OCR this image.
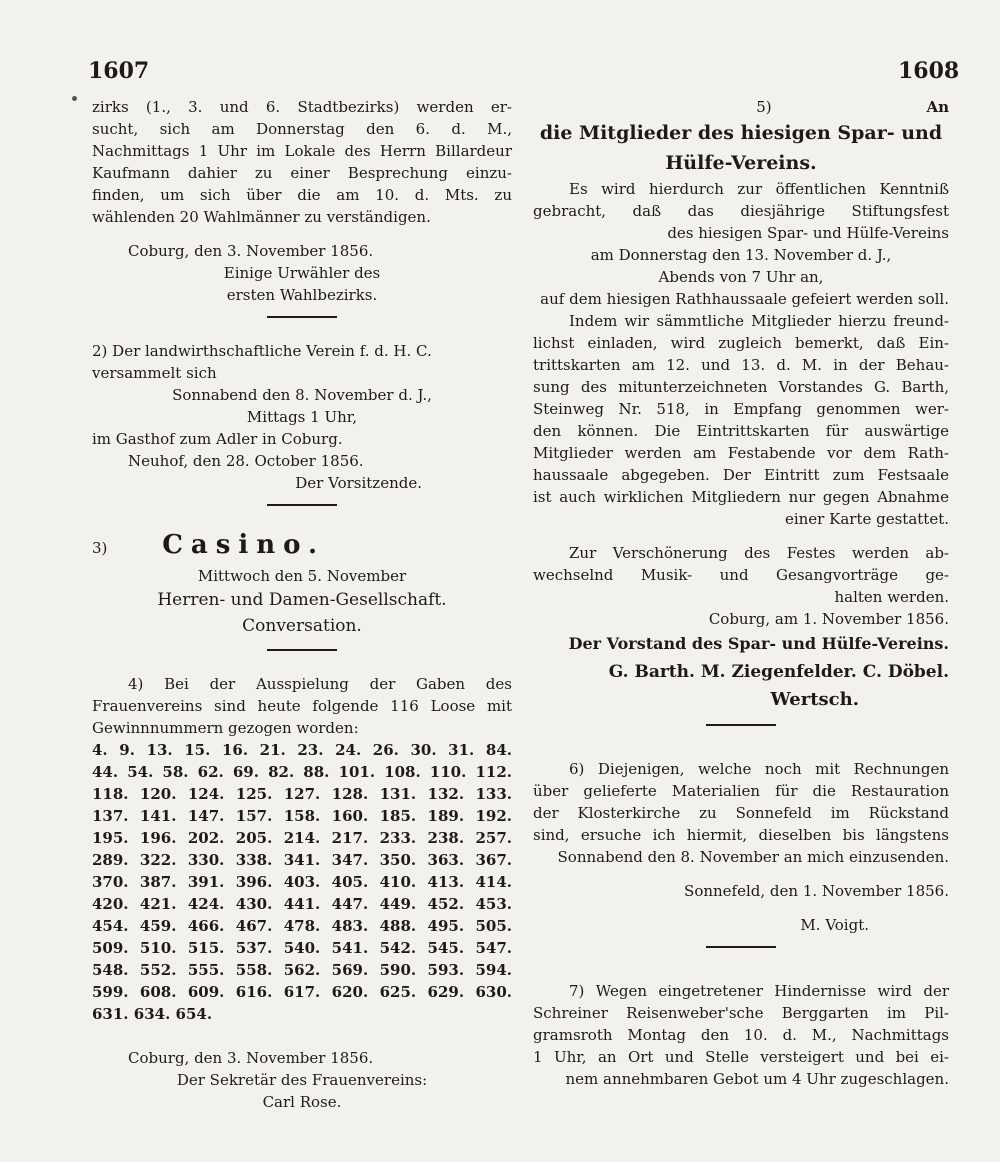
1607	1608

zirks (1., 3. und 6. Stadtbezirks) werden er-

sucht, sich am Donnerstag den 6. d. M.,

Nachmittags 1 Uhr im Lokale des Herrn Billardeur

Kaufmann dahier zu einer Besprechung einzu-

finden, um sich über die am 10. d. Mts. zu

wählenden 20 Wahlmänner zu verständigen.

Coburg, den 3. November 1856.

Einige Urwähler des

ersten Wahlbezirks.

2) Der landwirthschaftliche Verein f. d. H. C.

versammelt sich

Sonnabend den 8. November d. J.,

Mittags 1 Uhr,

im Gasthof zum Adler in Coburg.

Neuhof, den 28. October 1856.

Der Vorsitzende.

3) Casino.

Mittwoch den 5. November

Herren- und Damen-Gesellschaft.

Conversation.

4) Bei der Ausspielung der Gaben des

Frauenvereins sind heute folgende 116 Loose mit

Gewinnnummern gezogen worden:

4. 9. 13. 15. 16. 21. 23. 24. 26. 30. 31. 84.

44. 54. 58. 62. 69. 82. 88. 101. 108. 110. 112.

118. 120. 124. 125. 127. 128. 131. 132. 133.

137. 141. 147. 157. 158. 160. 185. 189. 192.

195. 196. 202. 205. 214. 217. 233. 238. 257.

289. 322. 330. 338. 341. 347. 350. 363. 367.

370. 387. 391. 396. 403. 405. 410. 413. 414.

420. 421. 424. 430. 441. 447. 449. 452. 453.

454. 459. 466. 467. 478. 483. 488. 495. 505.

509. 510. 515. 537. 540. 541. 542. 545. 547.

548. 552. 555. 558. 562. 569. 590. 593. 594.

599. 608. 609. 616. 617. 620. 625. 629. 630.

631. 634. 654.

Coburg, den 3. November 1856.

Der Sekretär des Frauenvereins:

Carl Rose.

5)	An

die Mitglieder des hiesigen Spar- und

Hülfe-Vereins.

Es wird hierdurch zur öffentlichen Kenntniß

gebracht, daß das diesjährige Stiftungsfest

des hiesigen Spar- und Hülfe-Vereins

am Donnerstag den 13. November d. J.,

Abends von 7 Uhr an,

auf dem hiesigen Rathhaussaale gefeiert werden soll.

Indem wir sämmtliche Mitglieder hierzu freund-

lichst einladen, wird zugleich bemerkt, daß Ein-

trittskarten am 12. und 13. d. M. in der Behau-

sung des mitunterzeichneten Vorstandes G. Barth,

Steinweg Nr. 518, in Empfang genommen wer-

den können. Die Eintrittskarten für auswärtige

Mitglieder werden am Festabende vor dem Rath-

haussaale abgegeben. Der Eintritt zum Festsaale

ist auch wirklichen Mitgliedern nur gegen Abnahme

einer Karte gestattet.

Zur Verschönerung des Festes werden ab-

wechselnd Musik- und Gesangvorträge ge-

halten werden.

Coburg, am 1. November 1856.

Der Vorstand des Spar- und Hülfe-Vereins.

G. Barth. M. Ziegenfelder. C. Döbel.

Wertsch.

6) Diejenigen, welche noch mit Rechnungen

über gelieferte Materialien für die Restauration

der Klosterkirche zu Sonnefeld im Rückstand

sind, ersuche ich hiermit, dieselben bis längstens

Sonnabend den 8. November an mich einzusenden.

Sonnefeld, den 1. November 1856.

M. Voigt.

7) Wegen eingetretener Hindernisse wird der

Schreiner Reisenweber'sche Berggarten im Pil-

gramsroth Montag den 10. d. M., Nachmittags

1 Uhr, an Ort und Stelle versteigert und bei ei-

nem annehmbaren Gebot um 4 Uhr zugeschlagen.
